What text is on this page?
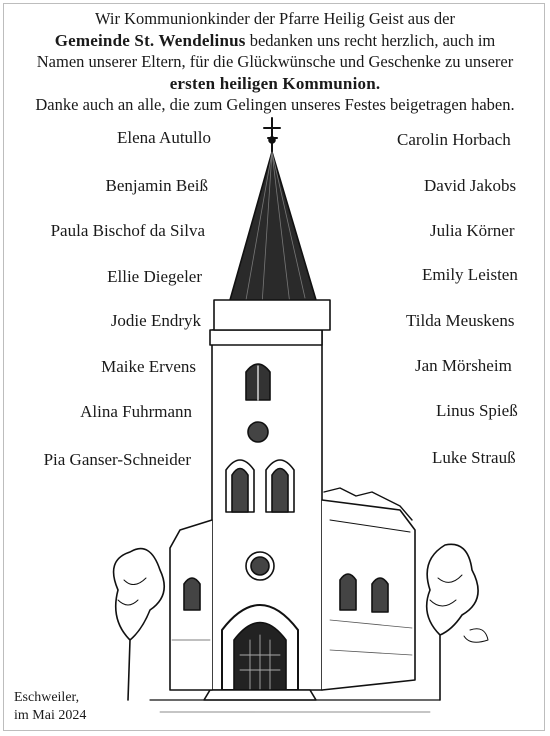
Wir Kommunionkinder der Pfarre Heilig Geist aus der
Gemeinde St. Wendelinus bedanken uns recht herzlich, auch im
Namen unserer Eltern, für die Glückwünsche und Geschenke zu unserer
ersten heiligen Kommunion.
Danke auch an alle, die zum Gelingen unseres Festes beigetragen haben.
Elena Autullo
Benjamin Beiß
Paula Bischof da Silva
Ellie Diegeler
Jodie Endryk
Maike Ervens
Alina Fuhrmann
Pia Ganser-Schneider
Carolin Horbach
David Jakobs
Julia Körner
Emily Leisten
Tilda Meuskens
Jan Mörsheim
Linus Spieß
Luke Strauß
Eschweiler,
im Mai 2024
